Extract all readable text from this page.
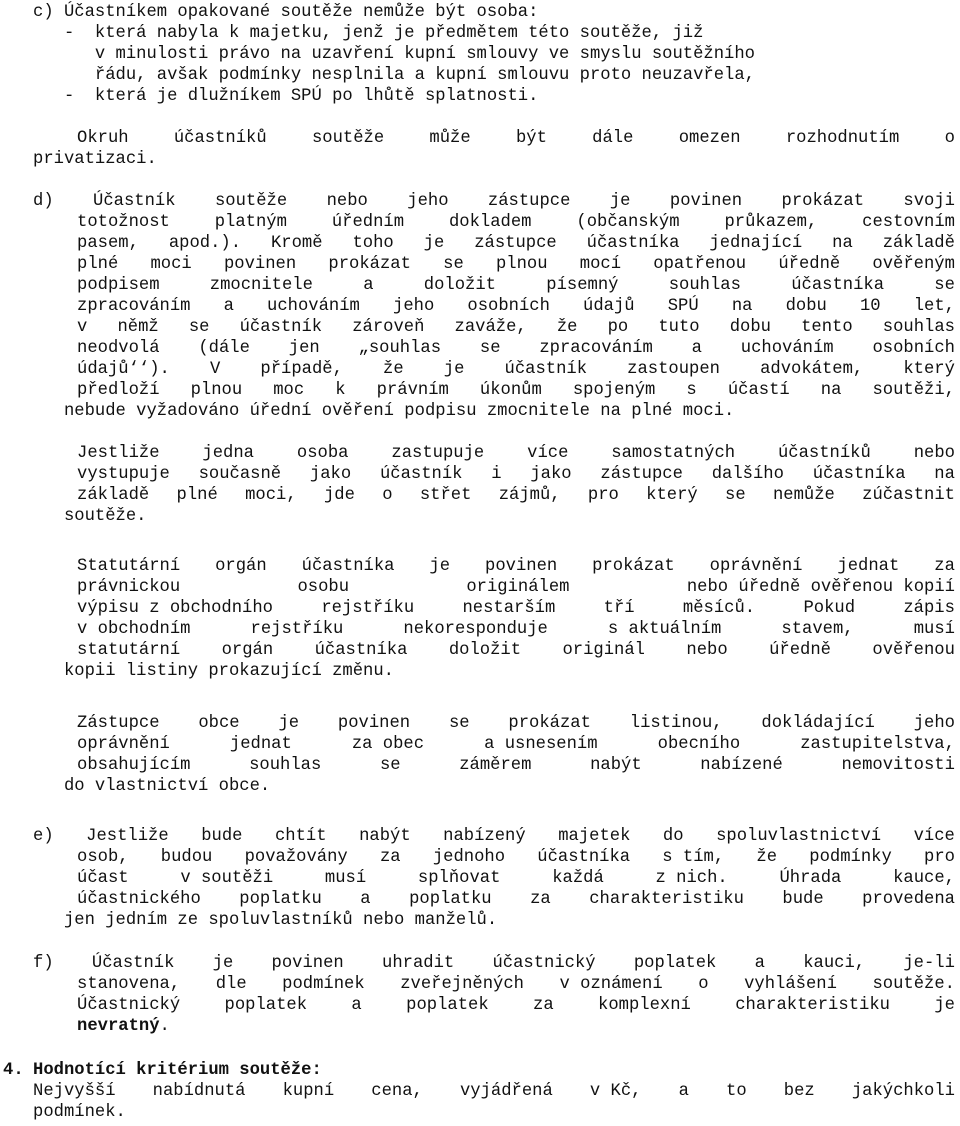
c) Účastníkem opakované soutěže nemůže být osoba:
-  která nabyla k majetku, jenž je předmětem této soutěže, již
v minulosti právo na uzavření kupní smlouvy ve smyslu soutěžního
řádu, avšak podmínky nesplnila a kupní smlouvu proto neuzavřela,
-  která je dlužníkem SPÚ po lhůtě splatnosti.
Okruh	účastníků	soutěže	může	být	dále	omezen	rozhodnutím	o
privatizaci.
d) Účastník soutěže nebo jeho zástupce je povinen prokázat svoji
totožnost	platným	úředním	dokladem	(občanským	průkazem,	cestovním
pasem, apod.). Kromě toho je zástupce účastníka jednající na základě
plné moci povinen prokázat se plnou mocí opatřenou úředně ověřeným
podpisem	zmocnitele	a	doložit	písemný	souhlas	účastníka	se
zpracováním a uchováním jeho osobních údajů SPÚ na dobu 10 let,
v němž se účastník zároveň zaváže, že po tuto dobu tento souhlas
neodvolá (dále jen „souhlas se zpracováním a uchováním osobních
údajů‘‘). V případě, že je účastník zastoupen advokátem, který
předloží plnou moc k právním úkonům spojeným s účastí na soutěži,
nebude vyžadováno úřední ověření podpisu zmocnitele na plné moci.
Jestliže jedna osoba zastupuje více samostatných účastníků nebo
vystupuje současně jako účastník i jako zástupce dalšího účastníka na
základě plné moci, jde o střet zájmů, pro který se nemůže zúčastnit
soutěže.
Statutární orgán účastníka je povinen prokázat oprávnění jednat za
právnickou	osobu	originálem	nebo úředně ověřenou kopií
výpisu z obchodního	rejstříku	nestarším	tří	měsíců.	Pokud	zápis
v obchodním	rejstříku	nekoresponduje	s aktuálním	stavem,	musí
statutární orgán účastníka doložit originál nebo úředně ověřenou
kopii listiny prokazující změnu.
Zástupce obce je povinen se prokázat listinou, dokládající jeho
oprávnění	jednat	za obec	a usnesením	obecního	zastupitelstva,
obsahujícím	souhlas	se	záměrem	nabýt	nabízené	nemovitosti
do vlastnictví obce.
e) Jestliže bude chtít nabýt nabízený majetek do spoluvlastnictví více
osob, budou považovány za jednoho účastníka s tím, že podmínky pro
účast	v soutěži	musí	splňovat	každá	z nich.	Úhrada	kauce,
účastnického poplatku a poplatku za charakteristiku bude provedena
jen jedním ze spoluvlastníků nebo manželů.
f) Účastník je povinen uhradit účastnický poplatek a kauci, je-li
stanovena, dle podmínek zveřejněných v oznámení o vyhlášení soutěže.
Účastnický	poplatek	a	poplatek	za	komplexní	charakteristiku	je
nevratný.
4. Hodnotící kritérium soutěže:
Nejvyšší nabídnutá kupní cena, vyjádřená v Kč, a to bez jakýchkoli
podmínek.
